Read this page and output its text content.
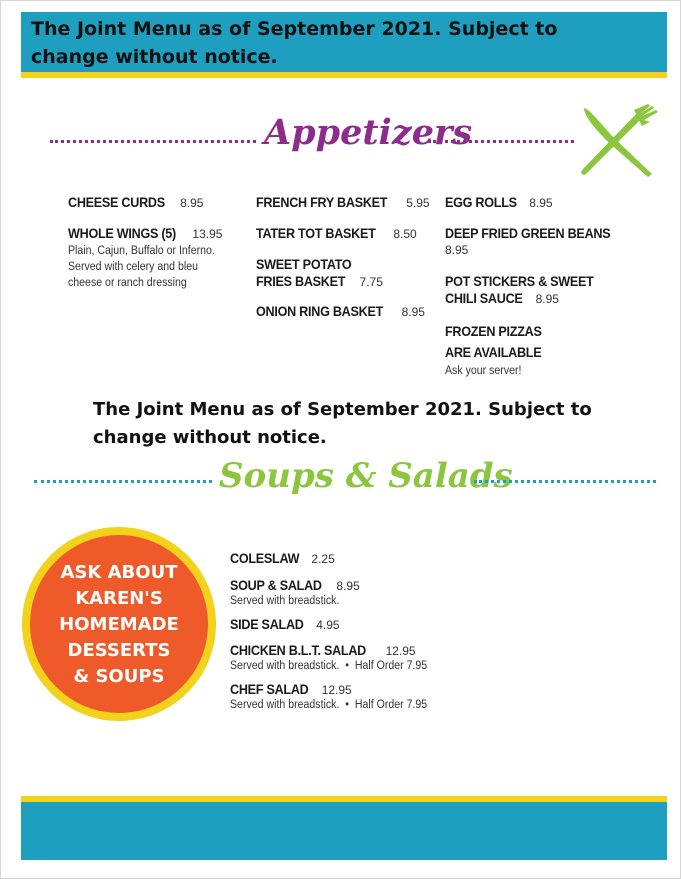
The Joint Menu as of September 2021. Subject to change without notice.
Appetizers
CHEESE CURDS 8.95
WHOLE WINGS (5) 13.95
Plain, Cajun, Buffalo or Inferno.
Served with celery and bleu
cheese or ranch dressing
FRENCH FRY BASKET 5.95
TATER TOT BASKET 8.50
SWEET POTATO
FRIES BASKET 7.75
ONION RING BASKET 8.95
EGG ROLLS 8.95
DEEP FRIED GREEN BEANS
8.95
POT STICKERS & SWEET
CHILI SAUCE 8.95
FROZEN PIZZAS
ARE AVAILABLE
Ask your server!
The Joint Menu as of September 2021. Subject to change without notice.
Soups & Salads
ASK ABOUT
KAREN'S
HOMEMADE
DESSERTS
& SOUPS
COLESLAW 2.25
SOUP & SALAD 8.95
Served with breadstick.
SIDE SALAD 4.95
CHICKEN B.L.T. SALAD 12.95
Served with breadstick.  •  Half Order 7.95
CHEF SALAD 12.95
Served with breadstick.  •  Half Order 7.95
